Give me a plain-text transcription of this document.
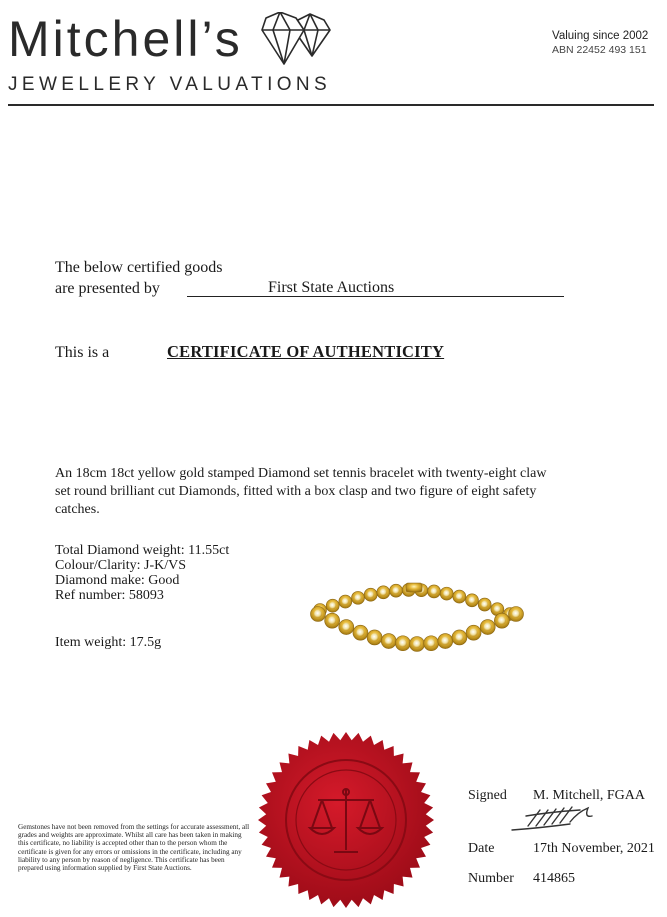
Mitchell’s
JEWELLERY VALUATIONS
Valuing since 2002
ABN 22452 493 151
The below certified goods
are presented by	First State Auctions
This is a	CERTIFICATE OF AUTHENTICITY
An 18cm 18ct yellow gold stamped Diamond set tennis bracelet with twenty-eight claw set round brilliant cut Diamonds, fitted with a box clasp and two figure of eight safety catches.
Total Diamond weight: 11.55ct
Colour/Clarity: J-K/VS
Diamond make: Good
Ref number: 58093
Item weight: 17.5g
Gemstones have not been removed from the settings for accurate assessment, all grades and weights are approximate. Whilst all care has been taken in making this certificate, no liability is accepted other than to the person whom the certificate is given for any errors or omissions in the certificate, including any liability to any person by reason of negligence. This certificate has been prepared using information supplied by First State Auctions.
Signed M. Mitchell, FGAA
Date	17th November, 2021
Number 414865
